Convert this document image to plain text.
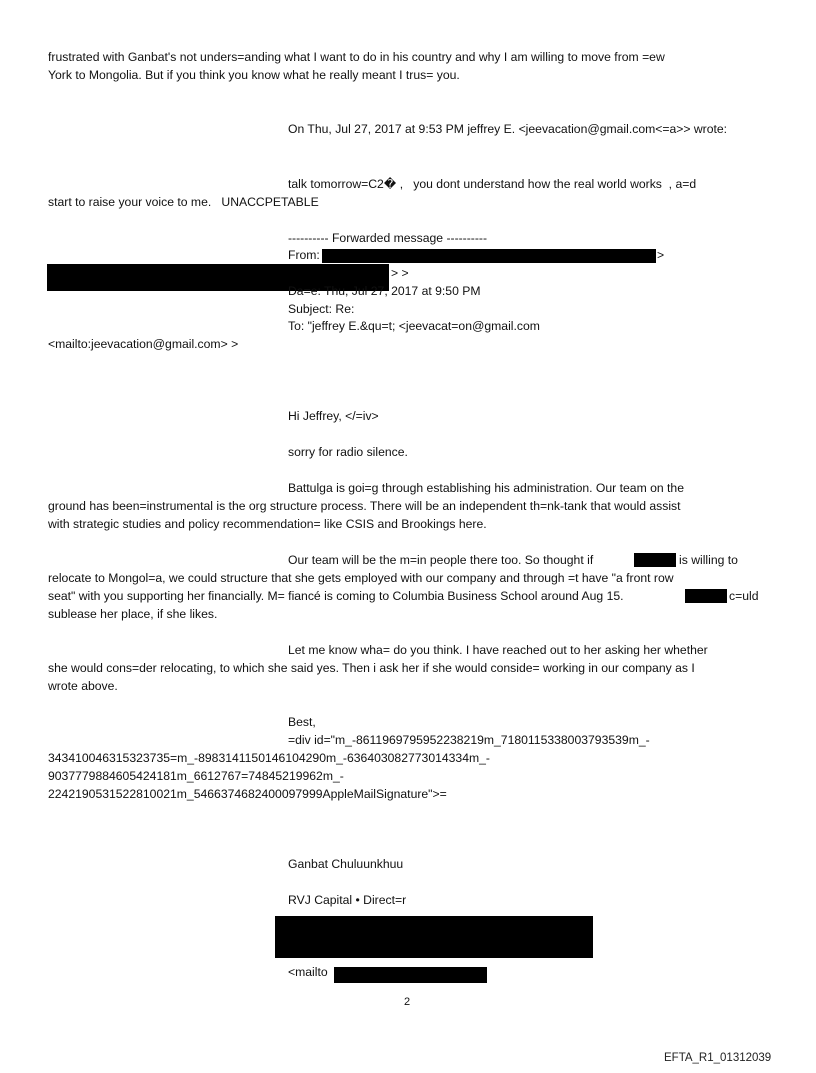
frustrated with Ganbat's not unders=anding what I want to do in his country and why I am willing to move from =ew
York to Mongolia. But if you think you know what he really meant I trus= you.
On Thu, Jul 27, 2017 at 9:53 PM jeffrey E. <jeevacation@gmail.com<=a>> wrote:
talk tomorrow=C2� ,   you dont understand how the real world works  , a=d
start to raise your voice to me.   UNACCPETABLE
---------- Forwarded message ----------
From:	>
> >
Da=e: Thu, Jul 27, 2017 at 9:50 PM
Subject: Re:
To: "jeffrey E.&qu=t; <jeevacat=on@gmail.com
<mailto:jeevacation@gmail.com> >
Hi Jeffrey, </=iv>
sorry for radio silence.
Battulga is goi=g through establishing his administration. Our team on the
ground has been=instrumental is the org structure process. There will be an independent th=nk-tank that would assist
with strategic studies and policy recommendation= like CSIS and Brookings here.
Our team will be the m=in people there too. So thought if	is willing to
relocate to Mongol=a, we could structure that she gets employed with our company and through =t have "a front row
seat" with you supporting her financially. M= fiancé is coming to Columbia Business School around Aug 15.	c=uld
sublease her place, if she likes.
Let me know wha= do you think. I have reached out to her asking her whether
she would cons=der relocating, to which she said yes. Then i ask her if she would conside= working in our company as I
wrote above.
Best,
=div id="m_-8611969795952238219m_7180115338003793539m_-
343410046315323735=m_-8983141150146104290m_-636403082773014334m_-
9037779884605424181m_6612767=74845219962m_-
2242190531522810021m_5466374682400097999AppleMailSignature">=
Ganbat Chuluunkhuu
RVJ Capital • Direct=r
<mailto
2
EFTA_R1_01312039
